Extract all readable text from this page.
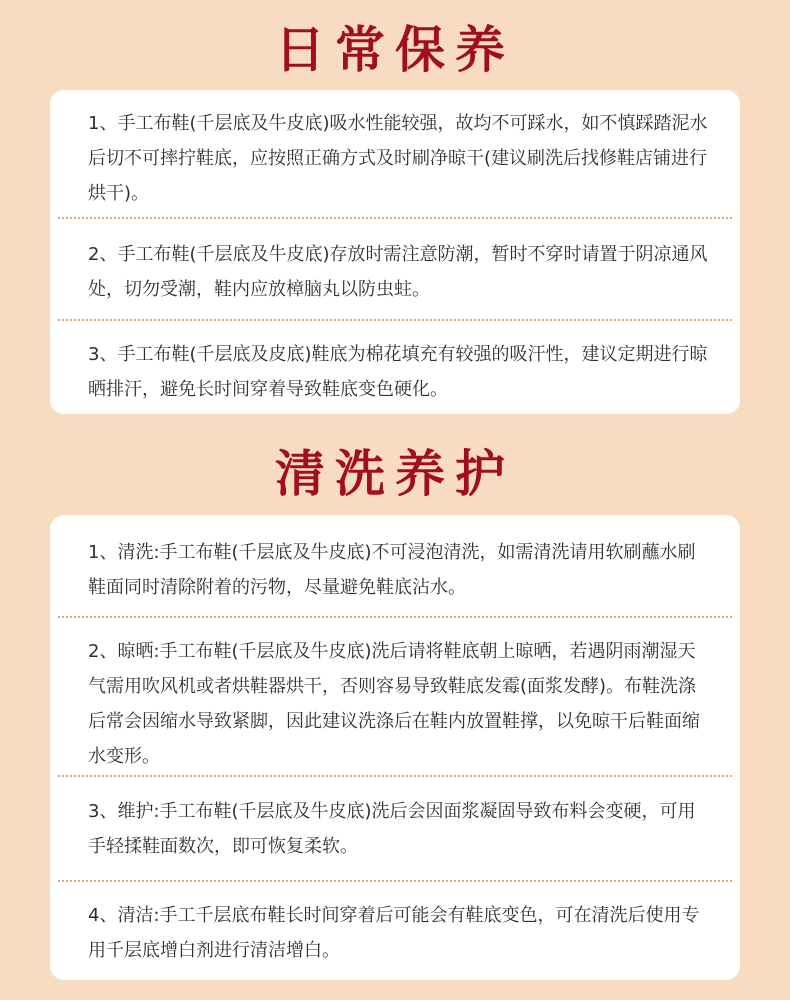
日常保养
1、手工布鞋(千层底及牛皮底)吸水性能较强，故均不可踩水，如不慎踩踏泥水后切不可摔拧鞋底，应按照正确方式及时刷净晾干(建议刷洗后找修鞋店铺进行烘干)。
2、手工布鞋(千层底及牛皮底)存放时需注意防潮，暂时不穿时请置于阴凉通风处，切勿受潮，鞋内应放樟脑丸以防虫蛀。
3、手工布鞋(千层底及皮底)鞋底为棉花填充有较强的吸汗性，建议定期进行晾晒排汗，避免长时间穿着导致鞋底变色硬化。
清洗养护
1、清洗:手工布鞋(千层底及牛皮底)不可浸泡清洗，如需清洗请用软刷蘸水刷鞋面同时清除附着的污物，尽量避免鞋底沾水。
2、晾晒:手工布鞋(千层底及牛皮底)洗后请将鞋底朝上晾晒，若遇阴雨潮湿天气需用吹风机或者烘鞋器烘干，否则容易导致鞋底发霉(面浆发酵)。布鞋洗涤后常会因缩水导致紧脚，因此建议洗涤后在鞋内放置鞋撑，以免晾干后鞋面缩水变形。
3、维护:手工布鞋(千层底及牛皮底)洗后会因面浆凝固导致布料会变硬，可用手轻揉鞋面数次，即可恢复柔软。
4、清洁:手工千层底布鞋长时间穿着后可能会有鞋底变色，可在清洗后使用专用千层底增白剂进行清洁增白。
